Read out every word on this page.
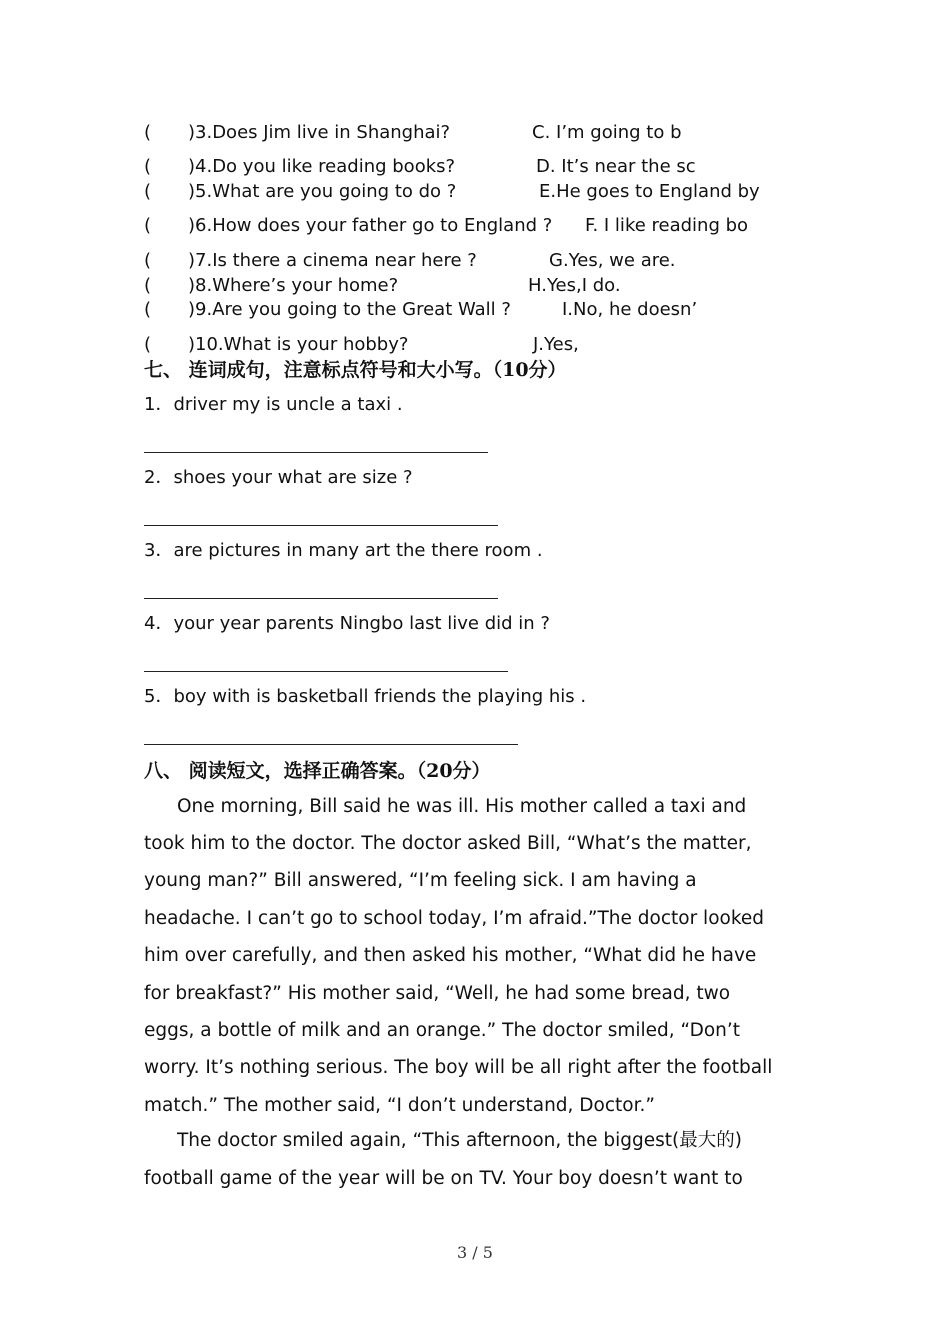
( )3.Does Jim live in Shanghai?	C. I’m going to b
( )4.Do you like reading books?	D. It’s near the sc
( )5.What are you going to do ?	E.He goes to England by
( )6.How does your father go to England ? F. I like reading bo
( )7.Is there a cinema near here ?	G.Yes, we are.
( )8.Where’s your home?	H.Yes,I do.
( )9.Are you going to the Great Wall ?	I.No, he doesn’
( )10.What is your hobby?	J.Yes,
七、 连词成句，注意标点符号和大小写。（10分）
1．driver my is uncle a taxi .
2．shoes your what are size ?
3．are pictures in many art the there room .
4．your year parents Ningbo last live did in ?
5．boy with is basketball friends the playing his .
八、 阅读短文，选择正确答案。（20分）
One morning, Bill said he was ill. His mother called a taxi and
took him to the doctor. The doctor asked Bill, “What’s the matter,
young man?” Bill answered, “I’m feeling sick. I am having a
headache. I can’t go to school today, I’m afraid.”The doctor looked
him over carefully, and then asked his mother, “What did he have
for breakfast?” His mother said, “Well, he had some bread, two
eggs, a bottle of milk and an orange.” The doctor smiled, “Don’t
worry. It’s nothing serious. The boy will be all right after the football
match.” The mother said, “I don’t understand, Doctor.”
The doctor smiled again, “This afternoon, the biggest(最大的)
football game of the year will be on TV. Your boy doesn’t want to
3 / 5
